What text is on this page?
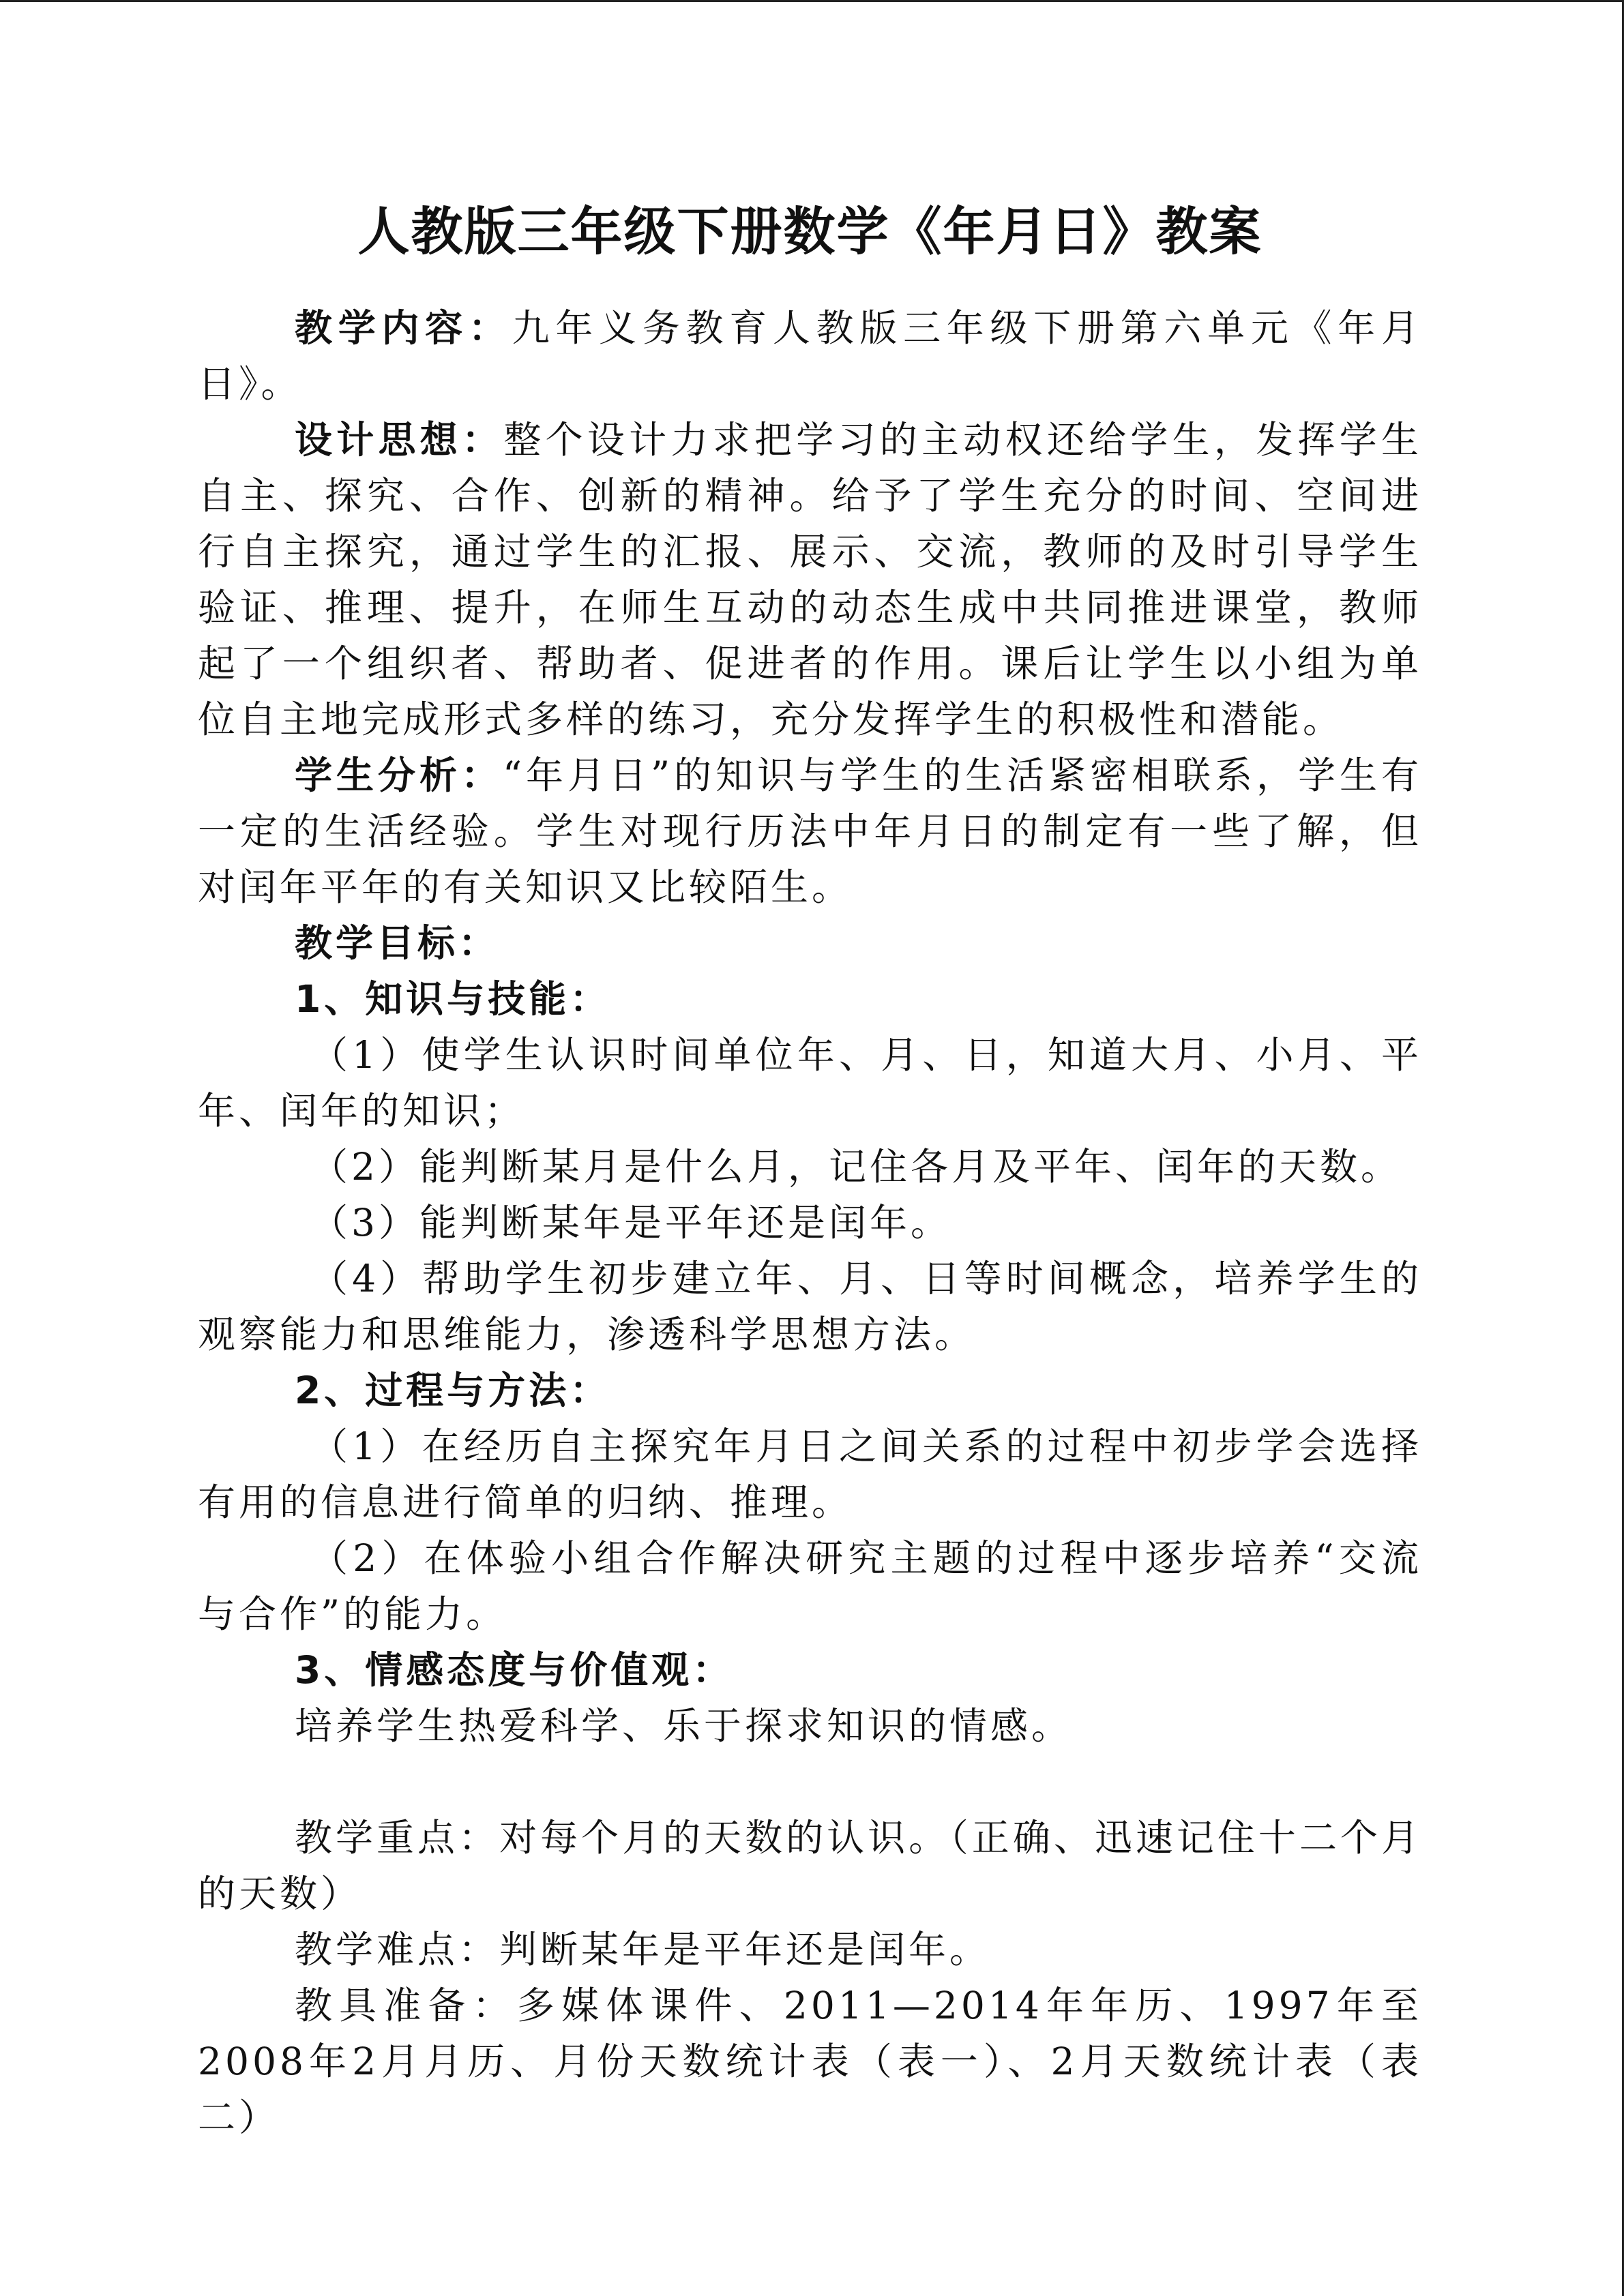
人教版三年级下册数学《年月日》教案

教学内容：九年义务教育人教版三年级下册第六单元《年月日》。

设计思想：整个设计力求把学习的主动权还给学生，发挥学生自主、探究、合作、创新的精神。给予了学生充分的时间、空间进行自主探究，通过学生的汇报、展示、交流，教师的及时引导学生验证、推理、提升，在师生互动的动态生成中共同推进课堂，教师起了一个组织者、帮助者、促进者的作用。课后让学生以小组为单位自主地完成形式多样的练习，充分发挥学生的积极性和潜能。

学生分析：“年月日”的知识与学生的生活紧密相联系，学生有一定的生活经验。学生对现行历法中年月日的制定有一些了解，但对闰年平年的有关知识又比较陌生。

教学目标：

1、知识与技能：

（1）使学生认识时间单位年、月、日，知道大月、小月、平年、闰年的知识；

（2）能判断某月是什么月，记住各月及平年、闰年的天数。

（3）能判断某年是平年还是闰年。

（4）帮助学生初步建立年、月、日等时间概念，培养学生的观察能力和思维能力，渗透科学思想方法。

2、过程与方法：

（1）在经历自主探究年月日之间关系的过程中初步学会选择有用的信息进行简单的归纳、推理。

（2）在体验小组合作解决研究主题的过程中逐步培养“交流与合作”的能力。

3、情感态度与价值观：

培养学生热爱科学、乐于探求知识的情感。

教学重点：对每个月的天数的认识。（正确、迅速记住十二个月的天数）

教学难点：判断某年是平年还是闰年。

教具准备：多媒体课件、2011—2014年年历、1997年至2008年2月月历、月份天数统计表（表一）、2月天数统计表（表二）
